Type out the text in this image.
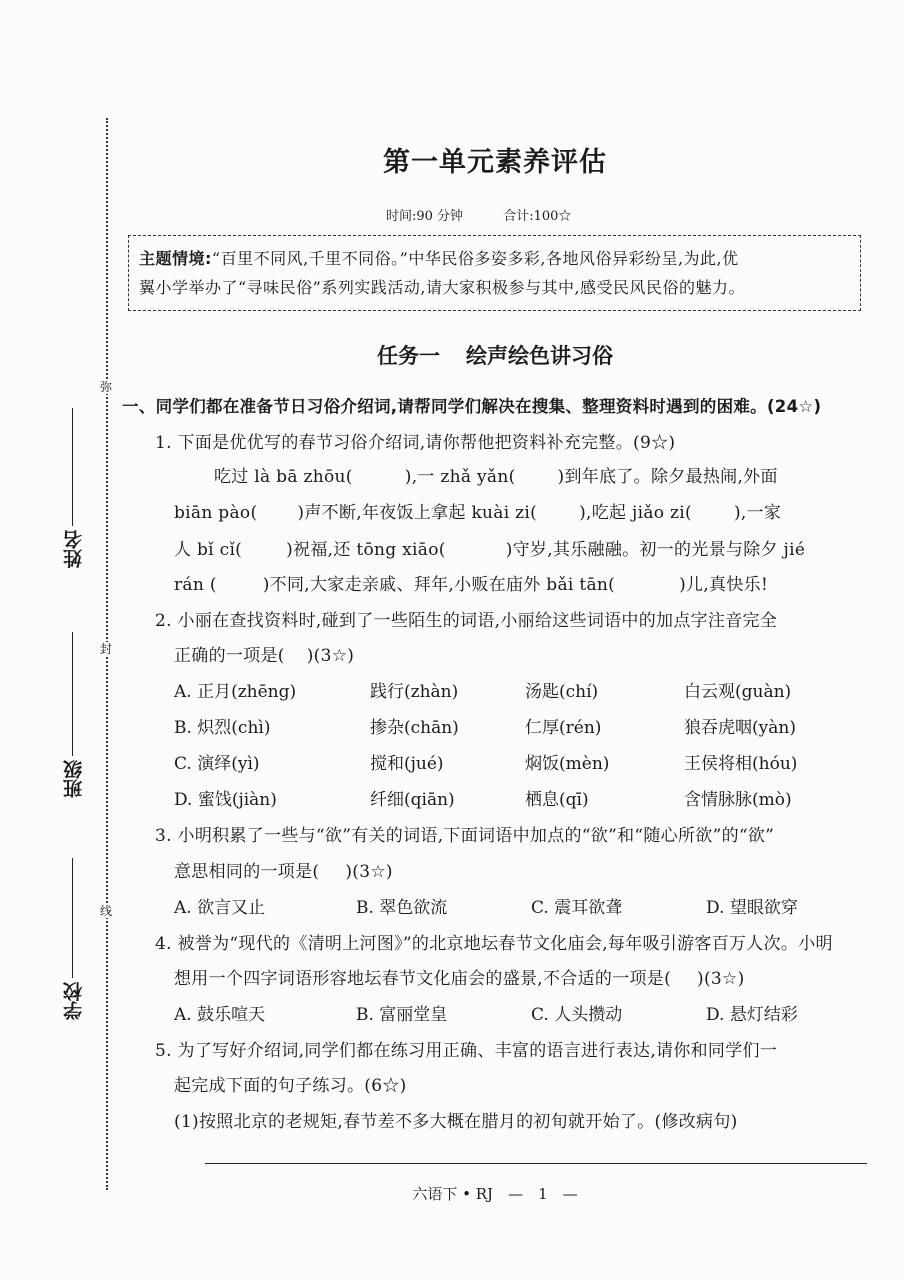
弥
封
线
姓名
班级
学校
第一单元素养评估
时间:90 分钟	合计:100☆
主题情境:“百里不同风,千里不同俗。”中华民俗多姿多彩,各地风俗异彩纷呈,为此,优
翼小学举办了“寻味民俗”系列实践活动,请大家积极参与其中,感受民风民俗的魅力。
任务一 绘声绘色讲习俗
一、同学们都在准备节日习俗介绍词,请帮同学们解决在搜集、整理资料时遇到的困难。(24☆)
1. 下面是优优写的春节习俗介绍词,请你帮他把资料补充完整。(9☆)
吃过 là bā zhōu(	)‚一 zhǎ yǎn( )到年底了。除夕最热闹,外面
biān pào( )声不断,年夜饭上拿起 kuài zi( ),吃起 jiǎo zi( ),一家
人 bǐ cǐ(	)祝福,还 tōng xiāo(	)守岁,其乐融融。初一的光景与除夕 jié
rán (	)不同,大家走亲戚、拜年,小贩在庙外 bǎi tān(	)儿,真快乐!
2. 小丽在查找资料时,碰到了一些陌生的词语,小丽给这些词语中的加点字注音完全
正确的一项是( )(3☆)
A. 正月(zhēng)	践行(zhàn)	汤匙(chí)	白云观(guàn)
B. 炽烈(chì)	掺杂(chān)	仁厚(rén)	狼吞虎咽(yàn)
C. 演绎(yì)	搅和(jué)	焖饭(mèn)	王侯将相(hóu)
D. 蜜饯(jiàn)	纤细(qiān)	栖息(qī)	含情脉脉(mò)
3. 小明积累了一些与“欲”有关的词语,下面词语中加点的“欲”和“随心所欲”的“欲”
意思相同的一项是( )(3☆)
A. 欲言又止	B. 翠色欲流	C. 震耳欲聋	D. 望眼欲穿
4. 被誉为“现代的《清明上河图》”的北京地坛春节文化庙会,每年吸引游客百万人次。小明
想用一个四字词语形容地坛春节文化庙会的盛景,不合适的一项是( )(3☆)
A. 鼓乐喧天	B. 富丽堂皇	C. 人头攒动	D. 悬灯结彩
5. 为了写好介绍词,同学们都在练习用正确、丰富的语言进行表达,请你和同学们一
起完成下面的句子练习。(6☆)
(1)按照北京的老规矩,春节差不多大概在腊月的初旬就开始了。(修改病句)
六语下 • RJ　—　1　—
